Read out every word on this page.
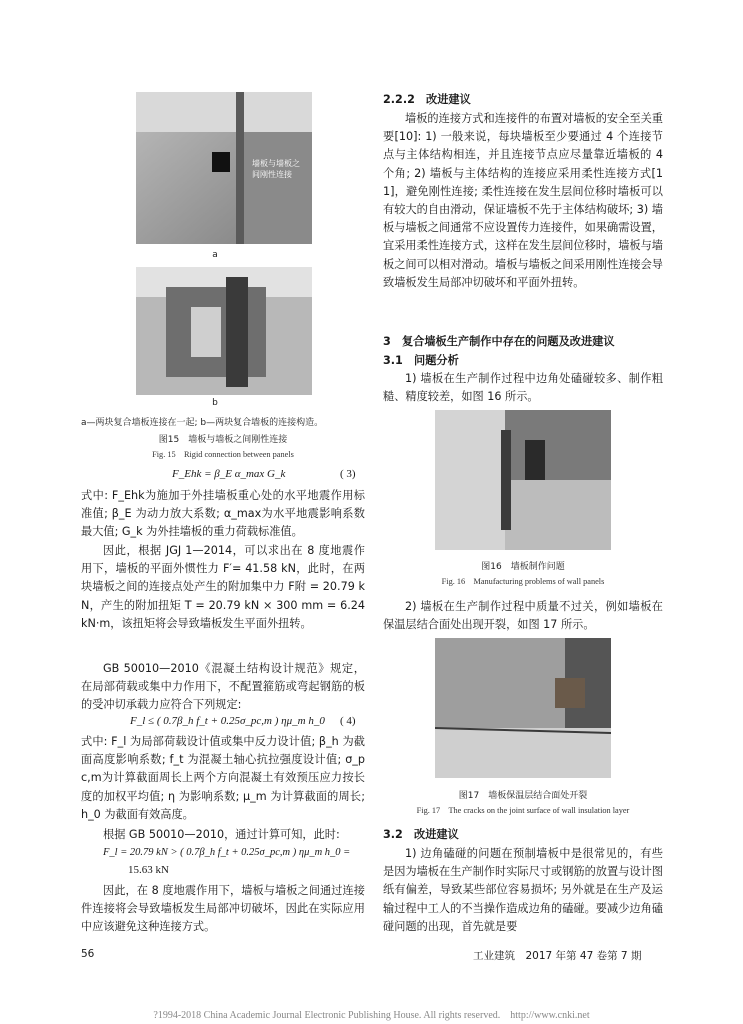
墙板与墙板之
间刚性连接
a
b
a—两块复合墙板连接在一起; b—两块复合墙板的连接构造。
图15　墙板与墙板之间刚性连接
Fig. 15　Rigid connection between panels
F_Ehk = β_E α_max G_k	( 3)
式中: F_Ehk为施加于外挂墙板重心处的水平地震作用标准值; β_E 为动力放大系数; α_max为水平地震影响系数最大值; G_k 为外挂墙板的重力荷载标准值。
因此，根据 JGJ 1—2014，可以求出在 8 度地震作用下，墙板的平面外惯性力 F′= 41.58 kN，此时，在两块墙板之间的连接点处产生的附加集中力 F附 = 20.79 kN，产生的附加扭矩 T = 20.79 kN × 300 mm = 6.24 kN·m，该扭矩将会导致墙板发生平面外扭转。
GB 50010—2010《混凝土结构设计规范》规定，在局部荷载或集中力作用下，不配置箍筋或弯起钢筋的板的受冲切承载力应符合下列规定:
F_l ≤ ( 0.7β_h f_t + 0.25σ_pc,m ) ημ_m h_0 ( 4)
式中: F_l 为局部荷载设计值或集中反力设计值; β_h 为截面高度影响系数; f_t 为混凝土轴心抗拉强度设计值; σ_pc,m为计算截面周长上两个方向混凝土有效预压应力按长度的加权平均值; η 为影响系数; μ_m 为计算截面的周长; h_0 为截面有效高度。
根据 GB 50010—2010，通过计算可知，此时:
F_l = 20.79 kN > ( 0.7β_h f_t + 0.25σ_pc,m ) ημ_m h_0 =
15.63 kN
因此，在 8 度地震作用下，墙板与墙板之间通过连接件连接将会导致墙板发生局部冲切破坏，因此在实际应用中应该避免这种连接方式。
2.2.2　改进建议
墙板的连接方式和连接件的布置对墙板的安全至关重要[10]: 1) 一般来说，每块墙板至少要通过 4 个连接节点与主体结构相连，并且连接节点应尽量靠近墙板的 4 个角; 2) 墙板与主体结构的连接应采用柔性连接方式[11]，避免刚性连接; 柔性连接在发生层间位移时墙板可以有较大的自由滑动，保证墙板不先于主体结构破坏; 3) 墙板与墙板之间通常不应设置传力连接件，如果确需设置，宜采用柔性连接方式，这样在发生层间位移时，墙板与墙板之间可以相对滑动。墙板与墙板之间采用刚性连接会导致墙板发生局部冲切破坏和平面外扭转。
3　复合墙板生产制作中存在的问题及改进建议
3.1　问题分析
1) 墙板在生产制作过程中边角处磕碰较多、制作粗糙、精度较差，如图 16 所示。
图16　墙板制作问题
Fig. 16　Manufacturing problems of wall panels
2) 墙板在生产制作过程中质量不过关，例如墙板在保温层结合面处出现开裂，如图 17 所示。
图17　墙板保温层结合面处开裂
Fig. 17　The cracks on the joint surface of wall insulation layer
3.2　改进建议
1) 边角磕碰的问题在预制墙板中是很常见的，有些是因为墙板在生产制作时实际尺寸或钢筋的放置与设计图纸有偏差，导致某些部位容易损坏; 另外就是在生产及运输过程中工人的不当操作造成边角的磕碰。要减少边角磕碰问题的出现，首先就是要
56	工业建筑　2017 年第 47 卷第 7 期
?1994-2018 China Academic Journal Electronic Publishing House. All rights reserved.　http://www.cnki.net
